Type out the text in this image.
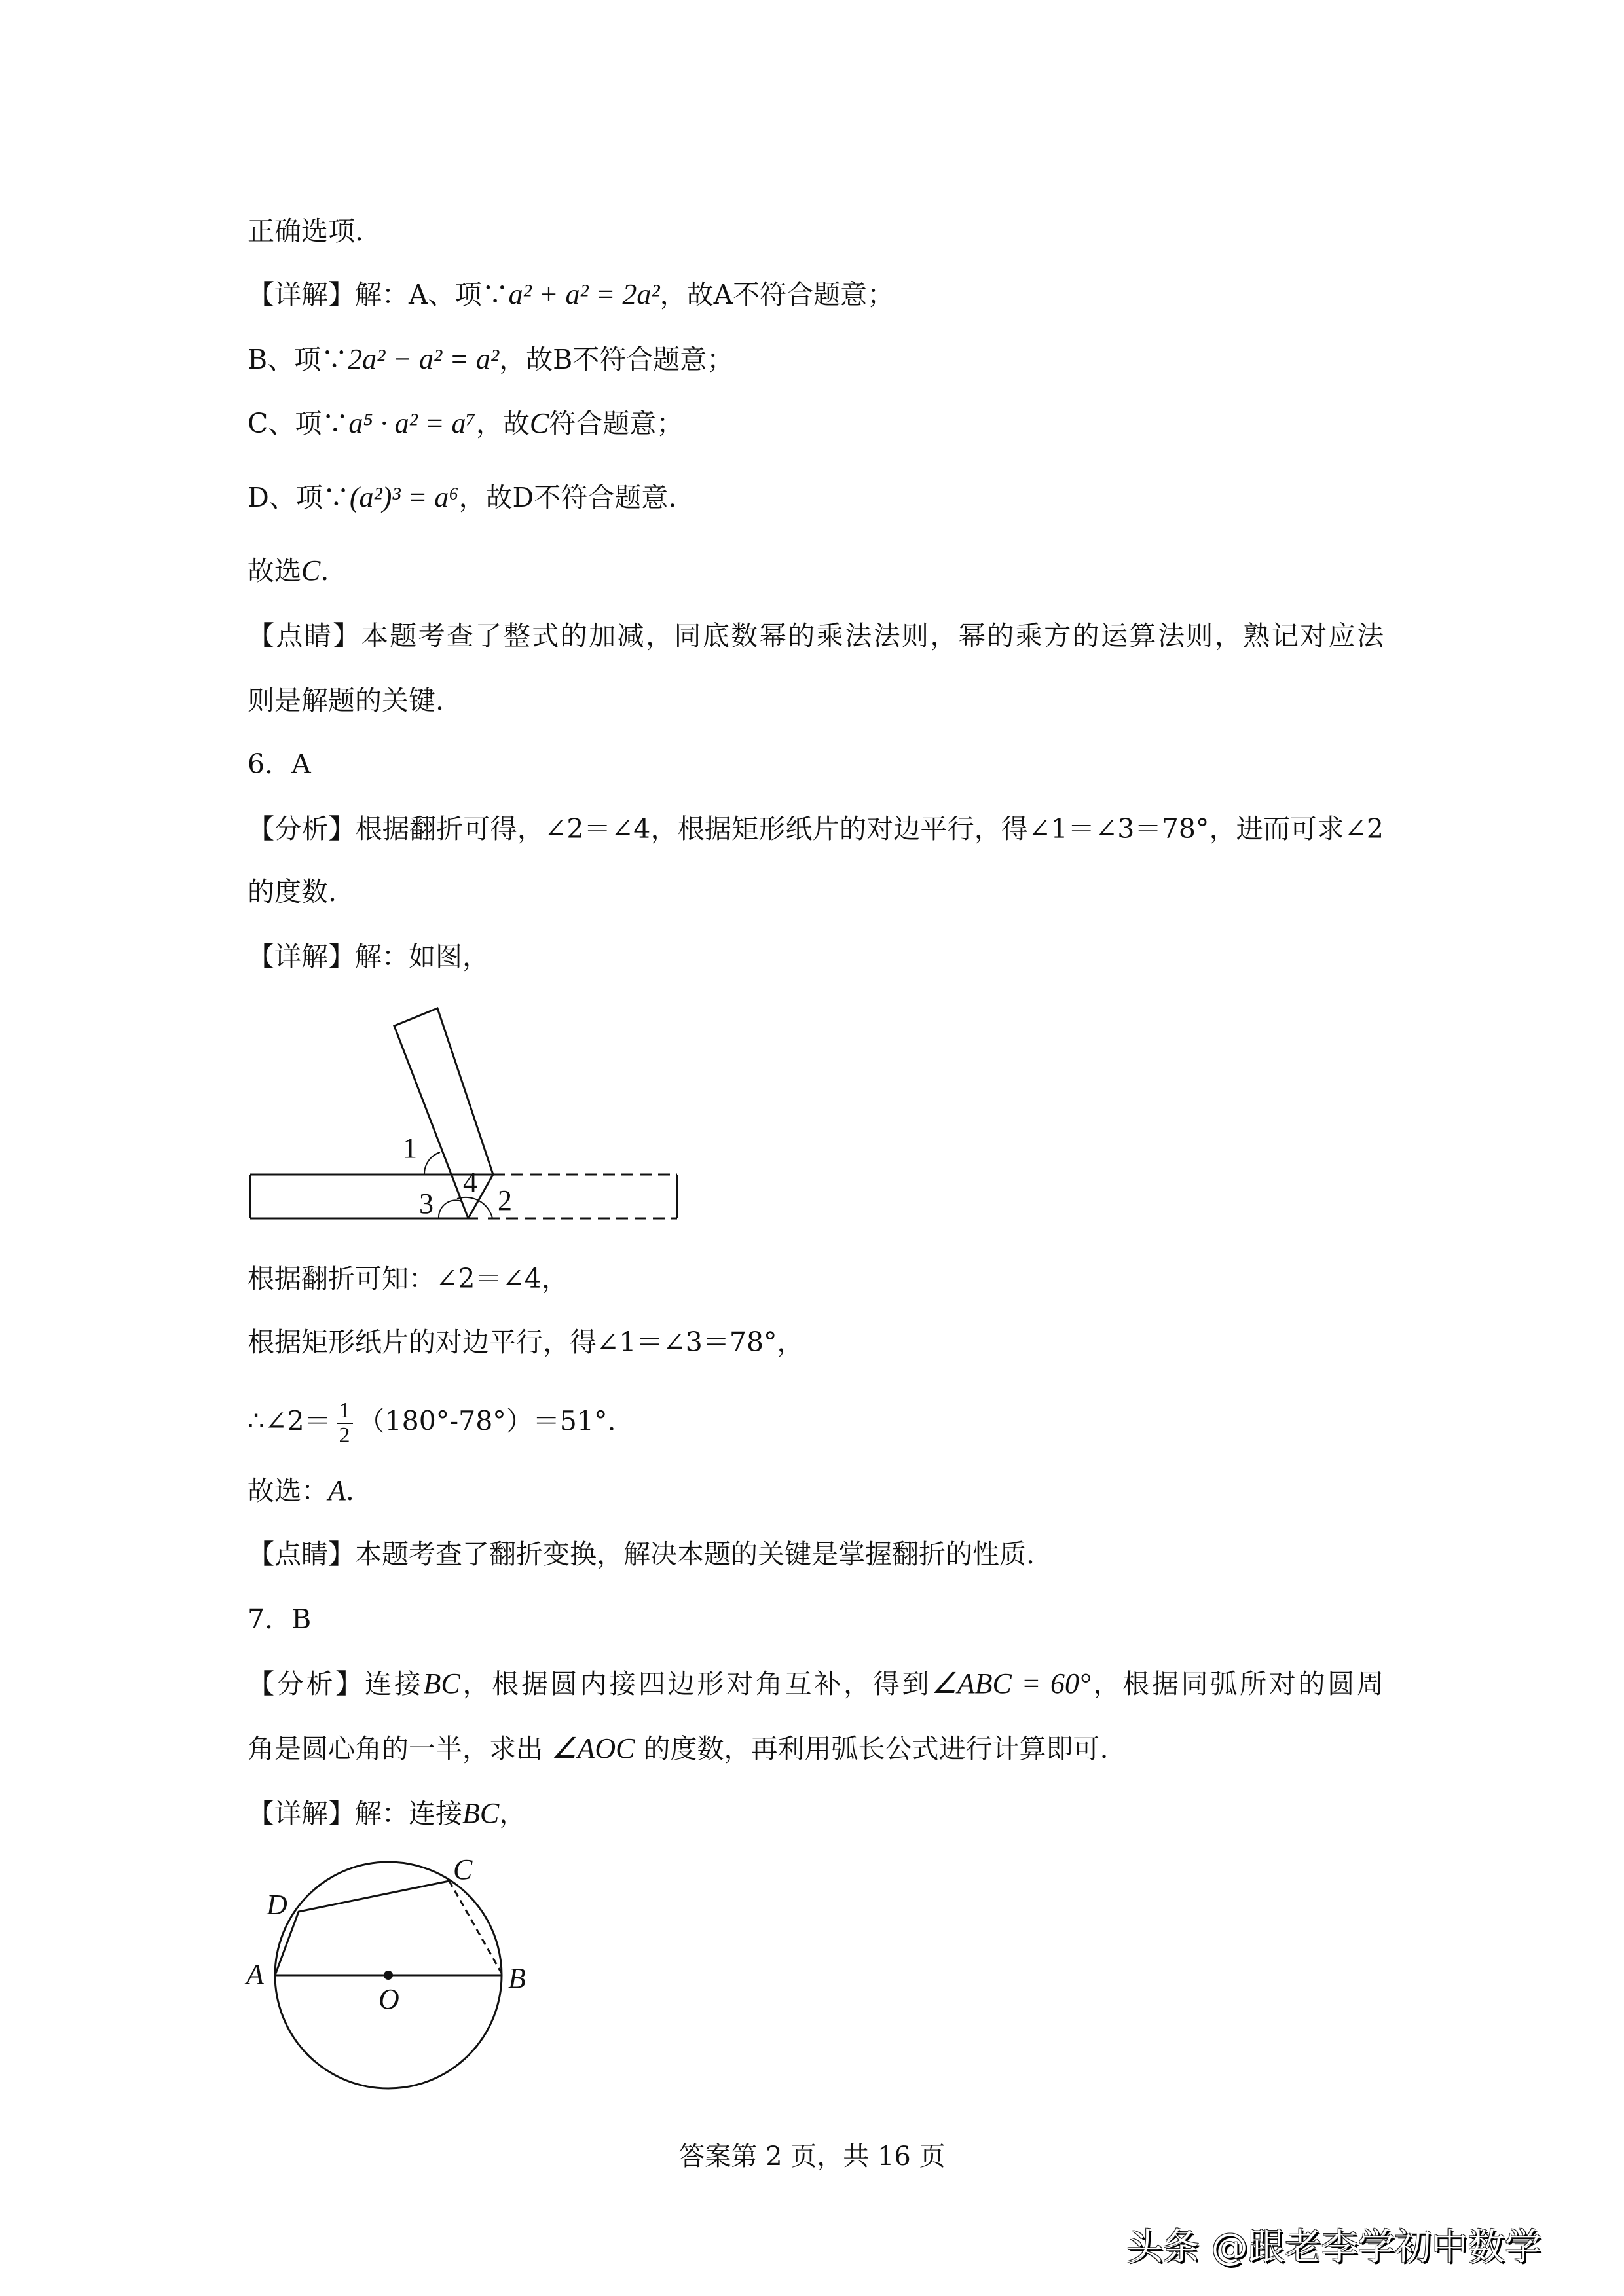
正确选项.
【详解】解：A、项∵a² + a² = 2a²，故A不符合题意；
B、项∵2a² − a² = a²，故B不符合题意；
C、项∵a⁵ · a² = a⁷，故C符合题意；
D、项∵(a²)³ = a⁶，故D不符合题意.
故选C.
【点睛】本题考查了整式的加减，同底数幂的乘法法则，幂的乘方的运算法则，熟记对应法
则是解题的关键.
6．A
【分析】根据翻折可得，∠2＝∠4，根据矩形纸片的对边平行，得∠1＝∠3＝78°，进而可求∠2
的度数.
【详解】解：如图，
根据翻折可知：∠2＝∠4，
根据矩形纸片的对边平行，得∠1＝∠3＝78°，
∴∠2＝ $\frac{1}{2} (180^\circ-78^\circ)=51^\circ$.
故选：A.
【点睛】本题考查了翻折变换，解决本题的关键是掌握翻折的性质.
7．B
【分析】连接BC，根据圆内接四边形对角互补，得到∠ABC = 60°，根据同弧所对的圆周
角是圆心角的一半，求出 ∠AOC 的度数，再利用弧长公式进行计算即可.
【详解】解：连接BC，
1
2
3
4
A	B
C
D
O
答案第 2 页，共 16 页
头条 @跟老李学初中数学
